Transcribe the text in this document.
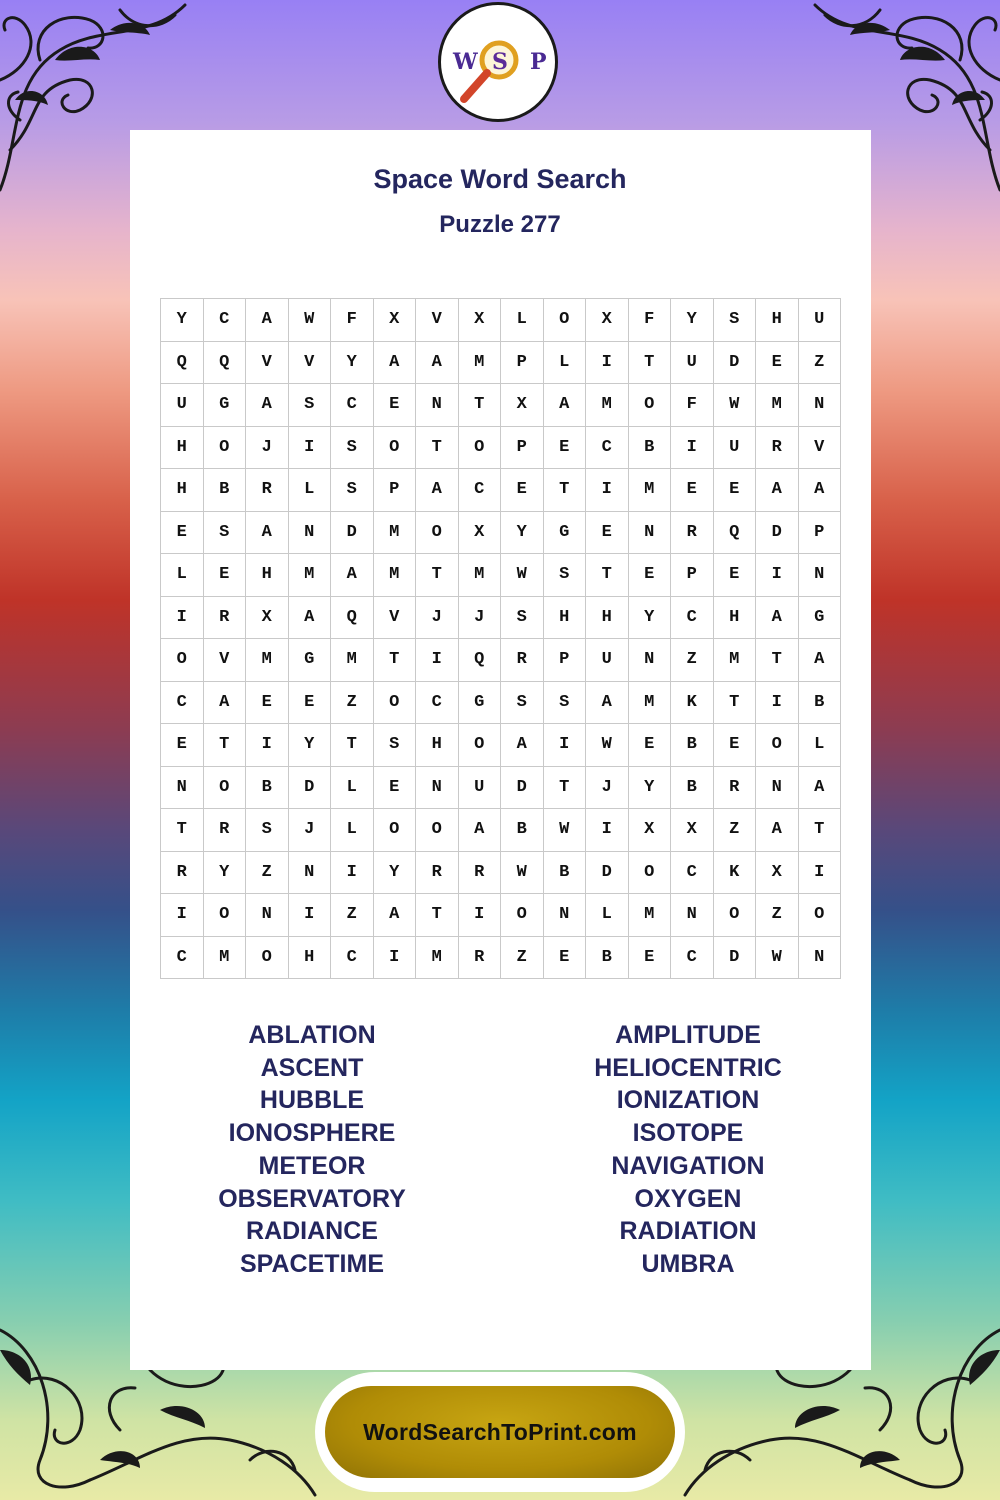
W S P
Space Word Search
Puzzle 277
Y	C	A	W	F	X	V	X	L	O	X	F	Y	S	H	U
Q	Q	V	V	Y	A	A	M	P	L	I	T	U	D	E	Z
U	G	A	S	C	E	N	T	X	A	M	O	F	W	M	N
H	O	J	I	S	O	T	O	P	E	C	B	I	U	R	V
H	B	R	L	S	P	A	C	E	T	I	M	E	E	A	A
E	S	A	N	D	M	O	X	Y	G	E	N	R	Q	D	P
L	E	H	M	A	M	T	M	W	S	T	E	P	E	I	N
I	R	X	A	Q	V	J	J	S	H	H	Y	C	H	A	G
O	V	M	G	M	T	I	Q	R	P	U	N	Z	M	T	A
C	A	E	E	Z	O	C	G	S	S	A	M	K	T	I	B
E	T	I	Y	T	S	H	O	A	I	W	E	B	E	O	L
N	O	B	D	L	E	N	U	D	T	J	Y	B	R	N	A
T	R	S	J	L	O	O	A	B	W	I	X	X	Z	A	T
R	Y	Z	N	I	Y	R	R	W	B	D	O	C	K	X	I
I	O	N	I	Z	A	T	I	O	N	L	M	N	O	Z	O
C	M	O	H	C	I	M	R	Z	E	B	E	C	D	W	N
ABLATION
ASCENT
HUBBLE
IONOSPHERE
METEOR
OBSERVATORY
RADIANCE
SPACETIME
AMPLITUDE
HELIOCENTRIC
IONIZATION
ISOTOPE
NAVIGATION
OXYGEN
RADIATION
UMBRA
WordSearchToPrint.com
